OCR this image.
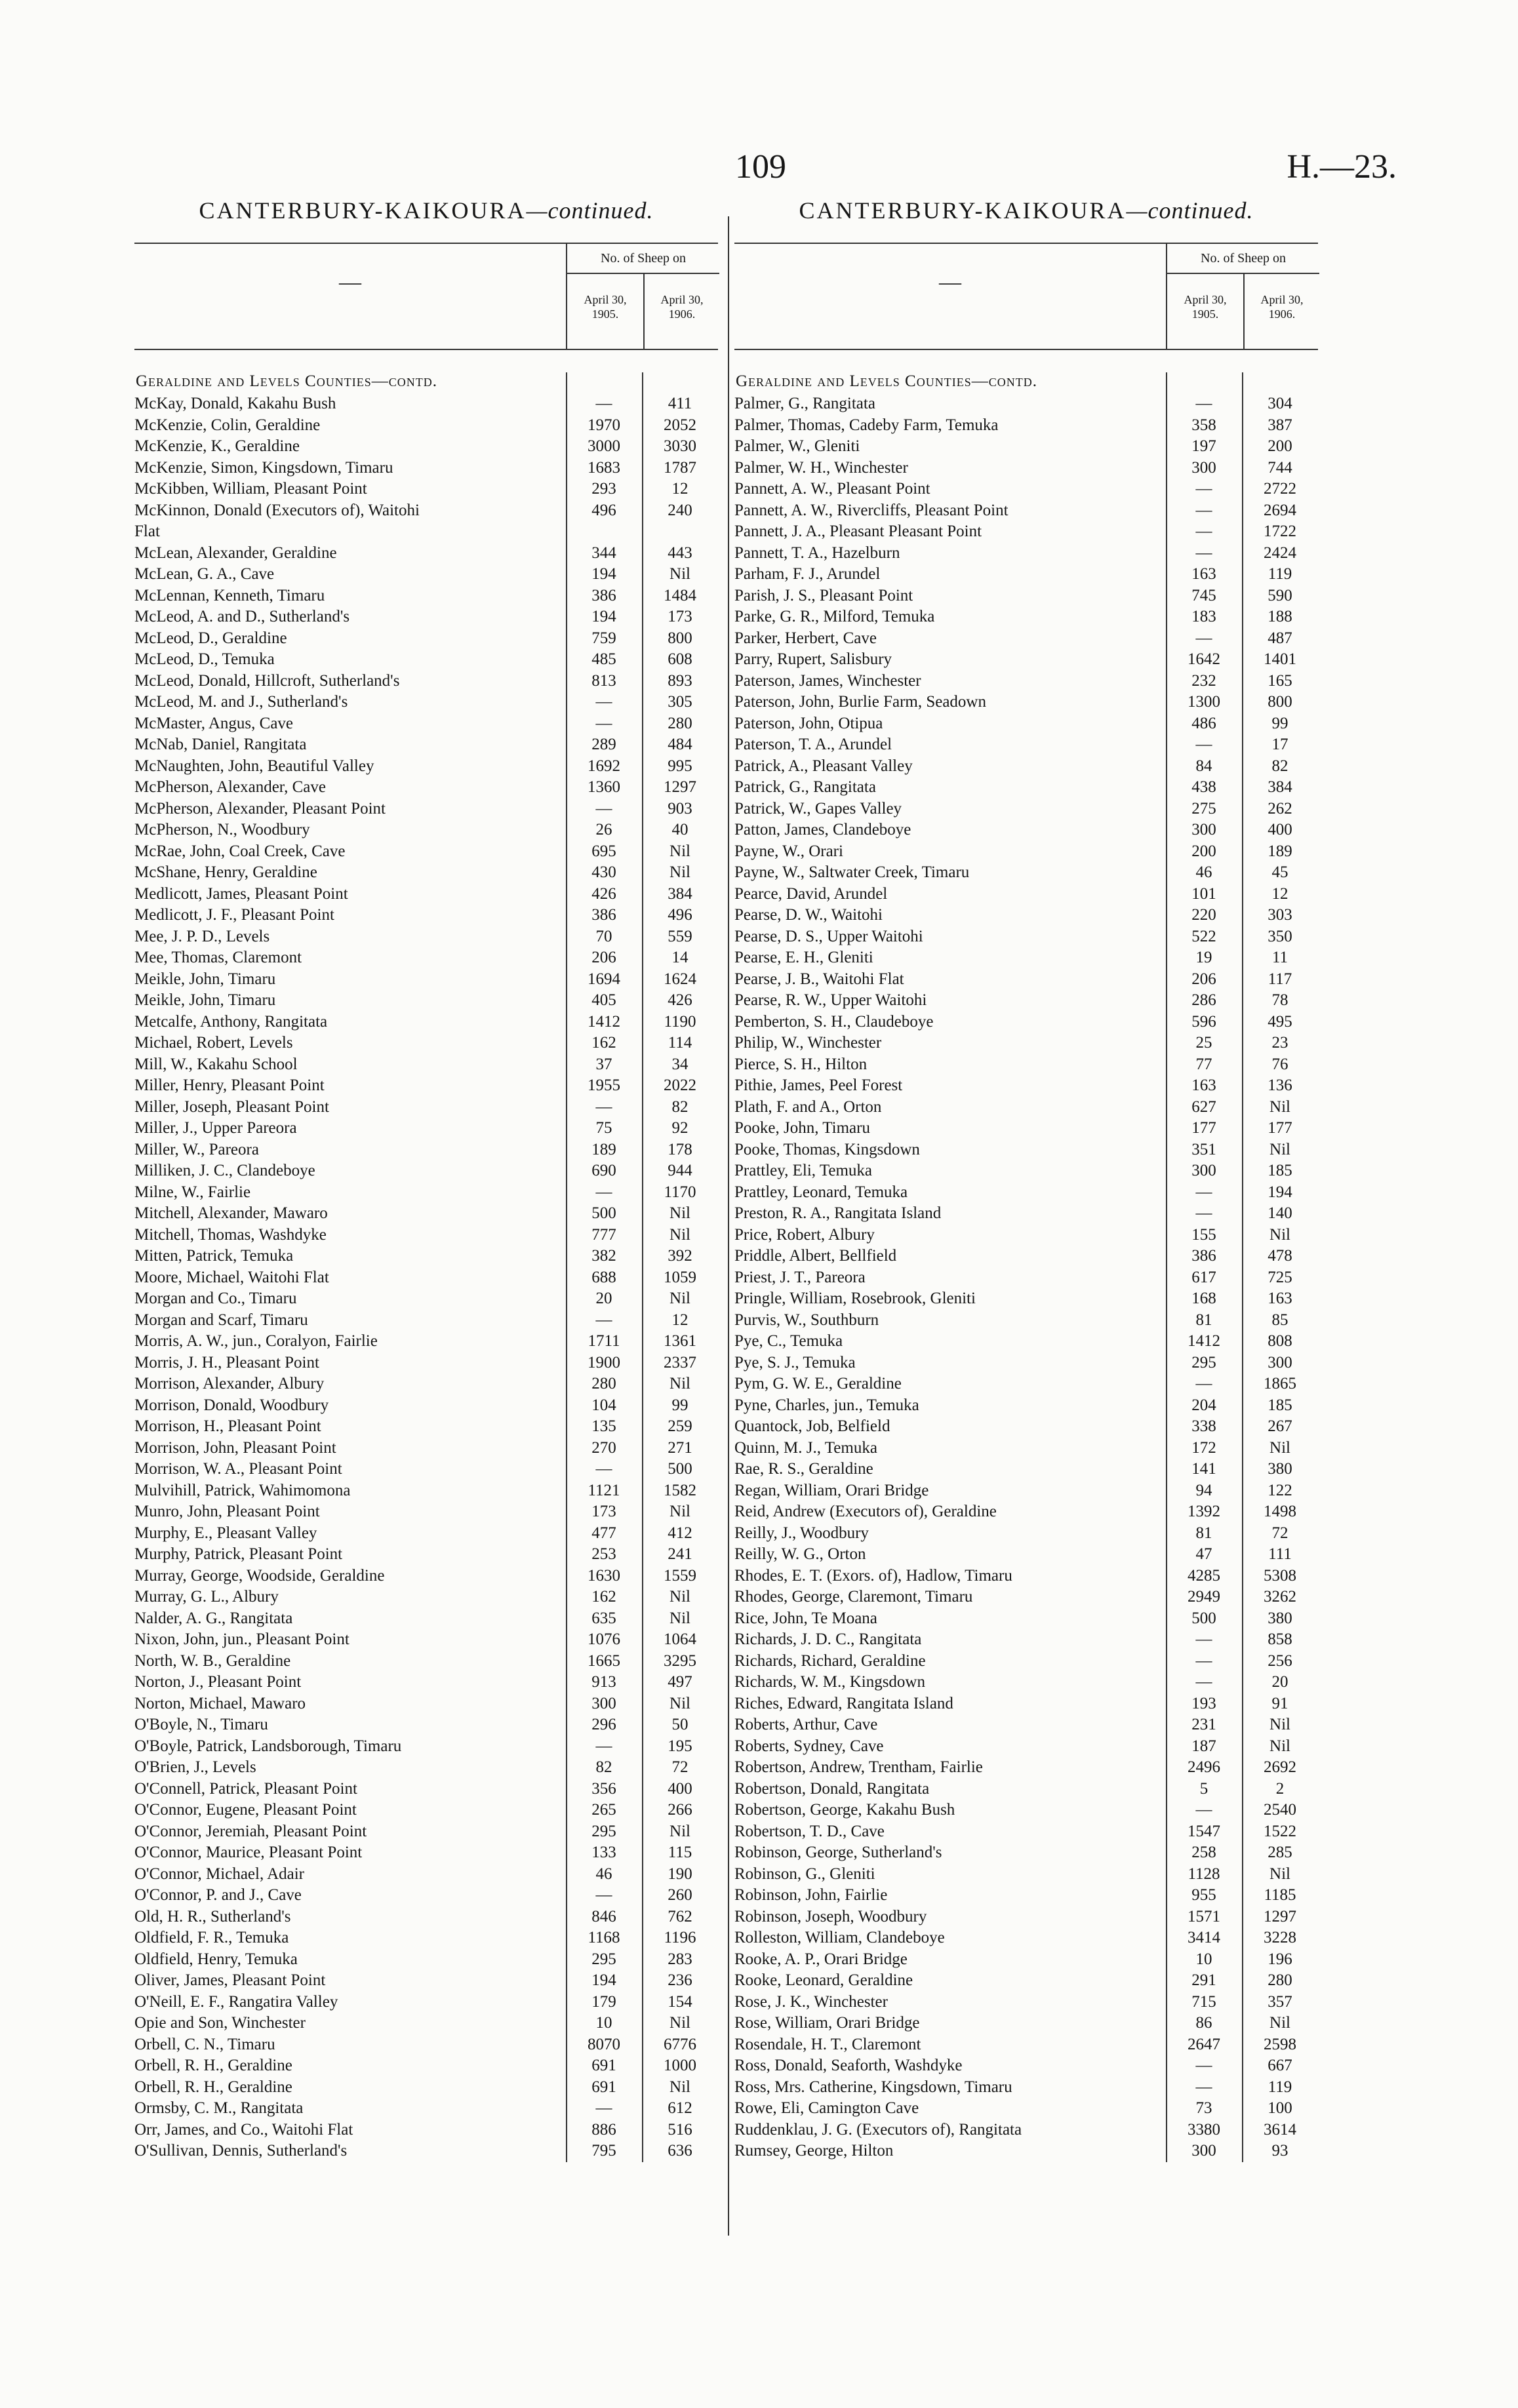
109	H.—23.
CANTERBURY-KAIKOURA—continued.
—
No. of Sheep on
April 30,
1905.
April 30,
1906.
Geraldine and Levels Counties—contd.
McKay, Donald, Kakahu Bush	—	411
McKenzie, Colin, Geraldine	1970	2052
McKenzie, K., Geraldine	3000	3030
McKenzie, Simon, Kingsdown, Timaru	1683	1787
McKibben, William, Pleasant Point	293	12
McKinnon, Donald (Executors of), Waitohi	496	240
Flat
McLean, Alexander, Geraldine	344	443
McLean, G. A., Cave	194	Nil
McLennan, Kenneth, Timaru	386	1484
McLeod, A. and D., Sutherland's	194	173
McLeod, D., Geraldine	759	800
McLeod, D., Temuka	485	608
McLeod, Donald, Hillcroft, Sutherland's	813	893
McLeod, M. and J., Sutherland's	—	305
McMaster, Angus, Cave	—	280
McNab, Daniel, Rangitata	289	484
McNaughten, John, Beautiful Valley	1692	995
McPherson, Alexander, Cave	1360	1297
McPherson, Alexander, Pleasant Point	—	903
McPherson, N., Woodbury	26	40
McRae, John, Coal Creek, Cave	695	Nil
McShane, Henry, Geraldine	430	Nil
Medlicott, James, Pleasant Point	426	384
Medlicott, J. F., Pleasant Point	386	496
Mee, J. P. D., Levels	70	559
Mee, Thomas, Claremont	206	14
Meikle, John, Timaru	1694	1624
Meikle, John, Timaru	405	426
Metcalfe, Anthony, Rangitata	1412	1190
Michael, Robert, Levels	162	114
Mill, W., Kakahu School	37	34
Miller, Henry, Pleasant Point	1955	2022
Miller, Joseph, Pleasant Point	—	82
Miller, J., Upper Pareora	75	92
Miller, W., Pareora	189	178
Milliken, J. C., Clandeboye	690	944
Milne, W., Fairlie	—	1170
Mitchell, Alexander, Mawaro	500	Nil
Mitchell, Thomas, Washdyke	777	Nil
Mitten, Patrick, Temuka	382	392
Moore, Michael, Waitohi Flat	688	1059
Morgan and Co., Timaru	20	Nil
Morgan and Scarf, Timaru	—	12
Morris, A. W., jun., Coralyon, Fairlie	1711	1361
Morris, J. H., Pleasant Point	1900	2337
Morrison, Alexander, Albury	280	Nil
Morrison, Donald, Woodbury	104	99
Morrison, H., Pleasant Point	135	259
Morrison, John, Pleasant Point	270	271
Morrison, W. A., Pleasant Point	—	500
Mulvihill, Patrick, Wahimomona	1121	1582
Munro, John, Pleasant Point	173	Nil
Murphy, E., Pleasant Valley	477	412
Murphy, Patrick, Pleasant Point	253	241
Murray, George, Woodside, Geraldine	1630	1559
Murray, G. L., Albury	162	Nil
Nalder, A. G., Rangitata	635	Nil
Nixon, John, jun., Pleasant Point	1076	1064
North, W. B., Geraldine	1665	3295
Norton, J., Pleasant Point	913	497
Norton, Michael, Mawaro	300	Nil
O'Boyle, N., Timaru	296	50
O'Boyle, Patrick, Landsborough, Timaru	—	195
O'Brien, J., Levels	82	72
O'Connell, Patrick, Pleasant Point	356	400
O'Connor, Eugene, Pleasant Point	265	266
O'Connor, Jeremiah, Pleasant Point	295	Nil
O'Connor, Maurice, Pleasant Point	133	115
O'Connor, Michael, Adair	46	190
O'Connor, P. and J., Cave	—	260
Old, H. R., Sutherland's	846	762
Oldfield, F. R., Temuka	1168	1196
Oldfield, Henry, Temuka	295	283
Oliver, James, Pleasant Point	194	236
O'Neill, E. F., Rangatira Valley	179	154
Opie and Son, Winchester	10	Nil
Orbell, C. N., Timaru	8070	6776
Orbell, R. H., Geraldine	691	1000
Orbell, R. H., Geraldine	691	Nil
Ormsby, C. M., Rangitata	—	612
Orr, James, and Co., Waitohi Flat	886	516
O'Sullivan, Dennis, Sutherland's	795	636
CANTERBURY-KAIKOURA—continued.
—
No. of Sheep on
April 30,
1905.
April 30,
1906.
Geraldine and Levels Counties—contd.
Palmer, G., Rangitata	—	304
Palmer, Thomas, Cadeby Farm, Temuka	358	387
Palmer, W., Gleniti	197	200
Palmer, W. H., Winchester	300	744
Pannett, A. W., Pleasant Point	—	2722
Pannett, A. W., Rivercliffs, Pleasant Point	—	2694
Pannett, J. A., Pleasant Pleasant Point	—	1722
Pannett, T. A., Hazelburn	—	2424
Parham, F. J., Arundel	163	119
Parish, J. S., Pleasant Point	745	590
Parke, G. R., Milford, Temuka	183	188
Parker, Herbert, Cave	—	487
Parry, Rupert, Salisbury	1642	1401
Paterson, James, Winchester	232	165
Paterson, John, Burlie Farm, Seadown	1300	800
Paterson, John, Otipua	486	99
Paterson, T. A., Arundel	—	17
Patrick, A., Pleasant Valley	84	82
Patrick, G., Rangitata	438	384
Patrick, W., Gapes Valley	275	262
Patton, James, Clandeboye	300	400
Payne, W., Orari	200	189
Payne, W., Saltwater Creek, Timaru	46	45
Pearce, David, Arundel	101	12
Pearse, D. W., Waitohi	220	303
Pearse, D. S., Upper Waitohi	522	350
Pearse, E. H., Gleniti	19	11
Pearse, J. B., Waitohi Flat	206	117
Pearse, R. W., Upper Waitohi	286	78
Pemberton, S. H., Claudeboye	596	495
Philip, W., Winchester	25	23
Pierce, S. H., Hilton	77	76
Pithie, James, Peel Forest	163	136
Plath, F. and A., Orton	627	Nil
Pooke, John, Timaru	177	177
Pooke, Thomas, Kingsdown	351	Nil
Prattley, Eli, Temuka	300	185
Prattley, Leonard, Temuka	—	194
Preston, R. A., Rangitata Island	—	140
Price, Robert, Albury	155	Nil
Priddle, Albert, Bellfield	386	478
Priest, J. T., Pareora	617	725
Pringle, William, Rosebrook, Gleniti	168	163
Purvis, W., Southburn	81	85
Pye, C., Temuka	1412	808
Pye, S. J., Temuka	295	300
Pym, G. W. E., Geraldine	—	1865
Pyne, Charles, jun., Temuka	204	185
Quantock, Job, Belfield	338	267
Quinn, M. J., Temuka	172	Nil
Rae, R. S., Geraldine	141	380
Regan, William, Orari Bridge	94	122
Reid, Andrew (Executors of), Geraldine	1392	1498
Reilly, J., Woodbury	81	72
Reilly, W. G., Orton	47	111
Rhodes, E. T. (Exors. of), Hadlow, Timaru	4285	5308
Rhodes, George, Claremont, Timaru	2949	3262
Rice, John, Te Moana	500	380
Richards, J. D. C., Rangitata	—	858
Richards, Richard, Geraldine	—	256
Richards, W. M., Kingsdown	—	20
Riches, Edward, Rangitata Island	193	91
Roberts, Arthur, Cave	231	Nil
Roberts, Sydney, Cave	187	Nil
Robertson, Andrew, Trentham, Fairlie	2496	2692
Robertson, Donald, Rangitata	5	2
Robertson, George, Kakahu Bush	—	2540
Robertson, T. D., Cave	1547	1522
Robinson, George, Sutherland's	258	285
Robinson, G., Gleniti	1128	Nil
Robinson, John, Fairlie	955	1185
Robinson, Joseph, Woodbury	1571	1297
Rolleston, William, Clandeboye	3414	3228
Rooke, A. P., Orari Bridge	10	196
Rooke, Leonard, Geraldine	291	280
Rose, J. K., Winchester	715	357
Rose, William, Orari Bridge	86	Nil
Rosendale, H. T., Claremont	2647	2598
Ross, Donald, Seaforth, Washdyke	—	667
Ross, Mrs. Catherine, Kingsdown, Timaru	—	119
Rowe, Eli, Camington Cave	73	100
Ruddenklau, J. G. (Executors of), Rangitata	3380	3614
Rumsey, George, Hilton	300	93
